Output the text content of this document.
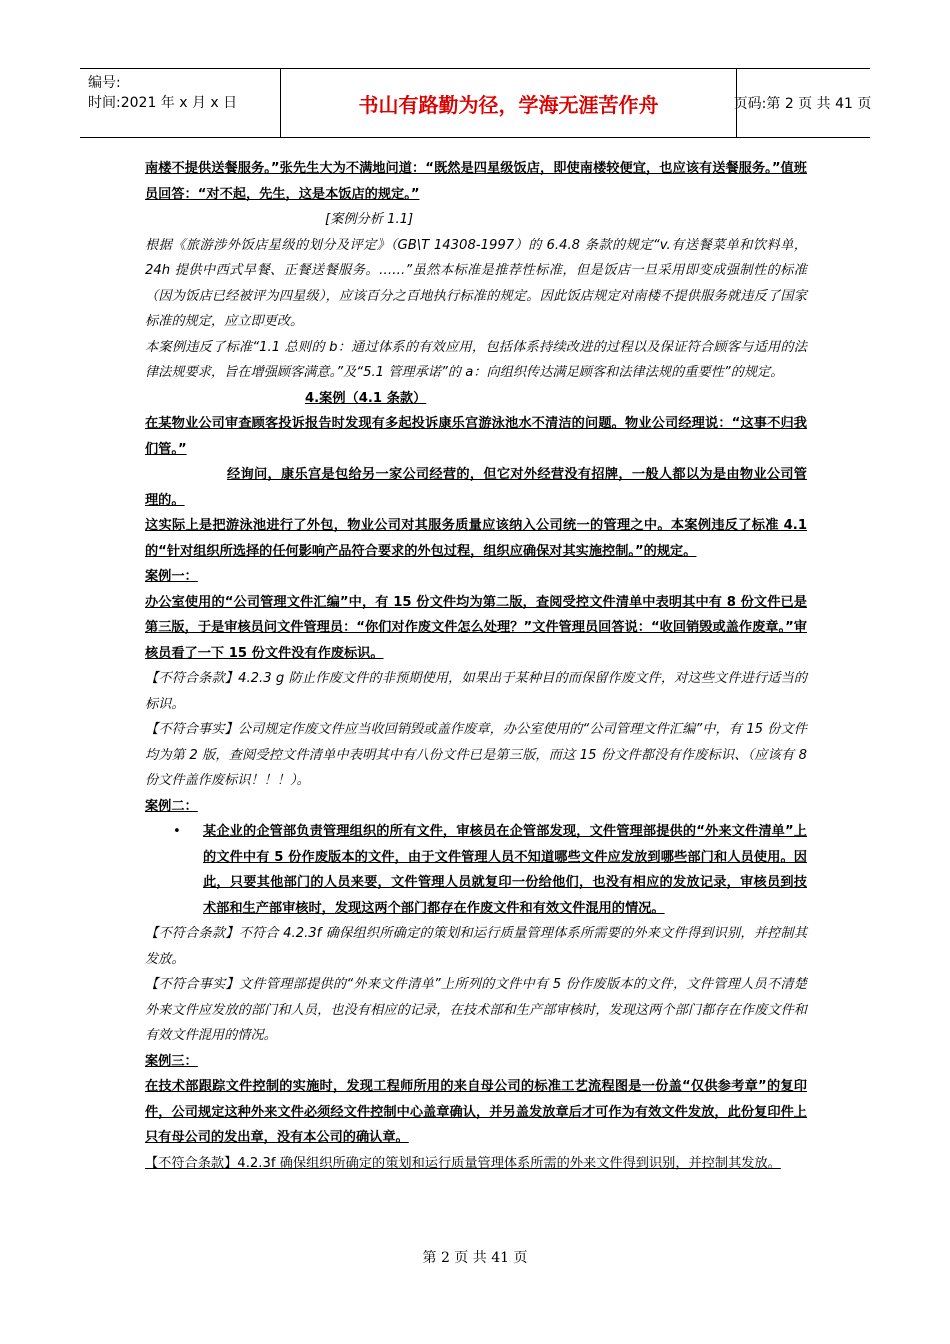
编号:
时间:2021 年 x 月 x 日	书山有路勤为径，学海无涯苦作舟	页码:第 2 页 共 41 页

南楼不提供送餐服务。”张先生大为不满地问道：“既然是四星级饭店，即使南楼较便宜，也应该有送餐服务。”值班员回答：“对不起，先生，这是本饭店的规定。”

[案例分析 1.1]

根据《旅游涉外饭店星级的划分及评定》（GB\T 14308-1997）的 6.4.8 条款的规定“v.有送餐菜单和饮料单，24h 提供中西式早餐、正餐送餐服务。……”虽然本标准是推荐性标准，但是饭店一旦采用即变成强制性的标准（因为饭店已经被评为四星级），应该百分之百地执行标准的规定。因此饭店规定对南楼不提供服务就违反了国家标准的规定，应立即更改。

本案例违反了标准“1.1 总则的 b：通过体系的有效应用，包括体系持续改进的过程以及保证符合顾客与适用的法律法规要求，旨在增强顾客满意。”及“5.1 管理承诺”的 a：向组织传达满足顾客和法律法规的重要性”的规定。

4.案例（4.1 条款）

在某物业公司审查顾客投诉报告时发现有多起投诉康乐宫游泳池水不清洁的问题。物业公司经理说：“这事不归我们管。”

经询问，康乐宫是包给另一家公司经营的，但它对外经营没有招牌，一般人都以为是由物业公司管理的。

这实际上是把游泳池进行了外包，物业公司对其服务质量应该纳入公司统一的管理之中。本案例违反了标准 4.1 的“针对组织所选择的任何影响产品符合要求的外包过程，组织应确保对其实施控制。”的规定。

案例一：

办公室使用的“公司管理文件汇编”中，有 15 份文件均为第二版，查阅受控文件清单中表明其中有 8 份文件已是第三版，于是审核员问文件管理员：“你们对作废文件怎么处理？”文件管理员回答说：“收回销毁或盖作废章。”审核员看了一下 15 份文件没有作废标识。

【不符合条款】4.2.3 g 防止作废文件的非预期使用，如果出于某种目的而保留作废文件，对这些文件进行适当的标识。

【不符合事实】公司规定作废文件应当收回销毁或盖作废章，办公室使用的“公司管理文件汇编”中，有 15 份文件均为第 2 版，查阅受控文件清单中表明其中有八份文件已是第三版，而这 15 份文件都没有作废标识、（应该有 8 份文件盖作废标识！！！）。

案例二：

•	某企业的企管部负责管理组织的所有文件，审核员在企管部发现，文件管理部提供的“外来文件清单”上的文件中有 5 份作废版本的文件，由于文件管理人员不知道哪些文件应发放到哪些部门和人员使用。因此，只要其他部门的人员来要，文件管理人员就复印一份给他们，也没有相应的发放记录，审核员到技术部和生产部审核时，发现这两个部门都存在作废文件和有效文件混用的情况。

【不符合条款】不符合 4.2.3f 确保组织所确定的策划和运行质量管理体系所需要的外来文件得到识别，并控制其发放。

【不符合事实】文件管理部提供的“外来文件清单”上所列的文件中有 5 份作废版本的文件，文件管理人员不清楚外来文件应发放的部门和人员，也没有相应的记录，在技术部和生产部审核时，发现这两个部门都存在作废文件和有效文件混用的情况。

案例三：

在技术部跟踪文件控制的实施时，发现工程师所用的来自母公司的标准工艺流程图是一份盖“仅供参考章”的复印件，公司规定这种外来文件必须经文件控制中心盖章确认，并另盖发放章后才可作为有效文件发放，此份复印件上只有母公司的发出章，没有本公司的确认章。

【不符合条款】4.2.3f 确保组织所确定的策划和运行质量管理体系所需的外来文件得到识别，并控制其发放。

第 2 页 共 41 页
